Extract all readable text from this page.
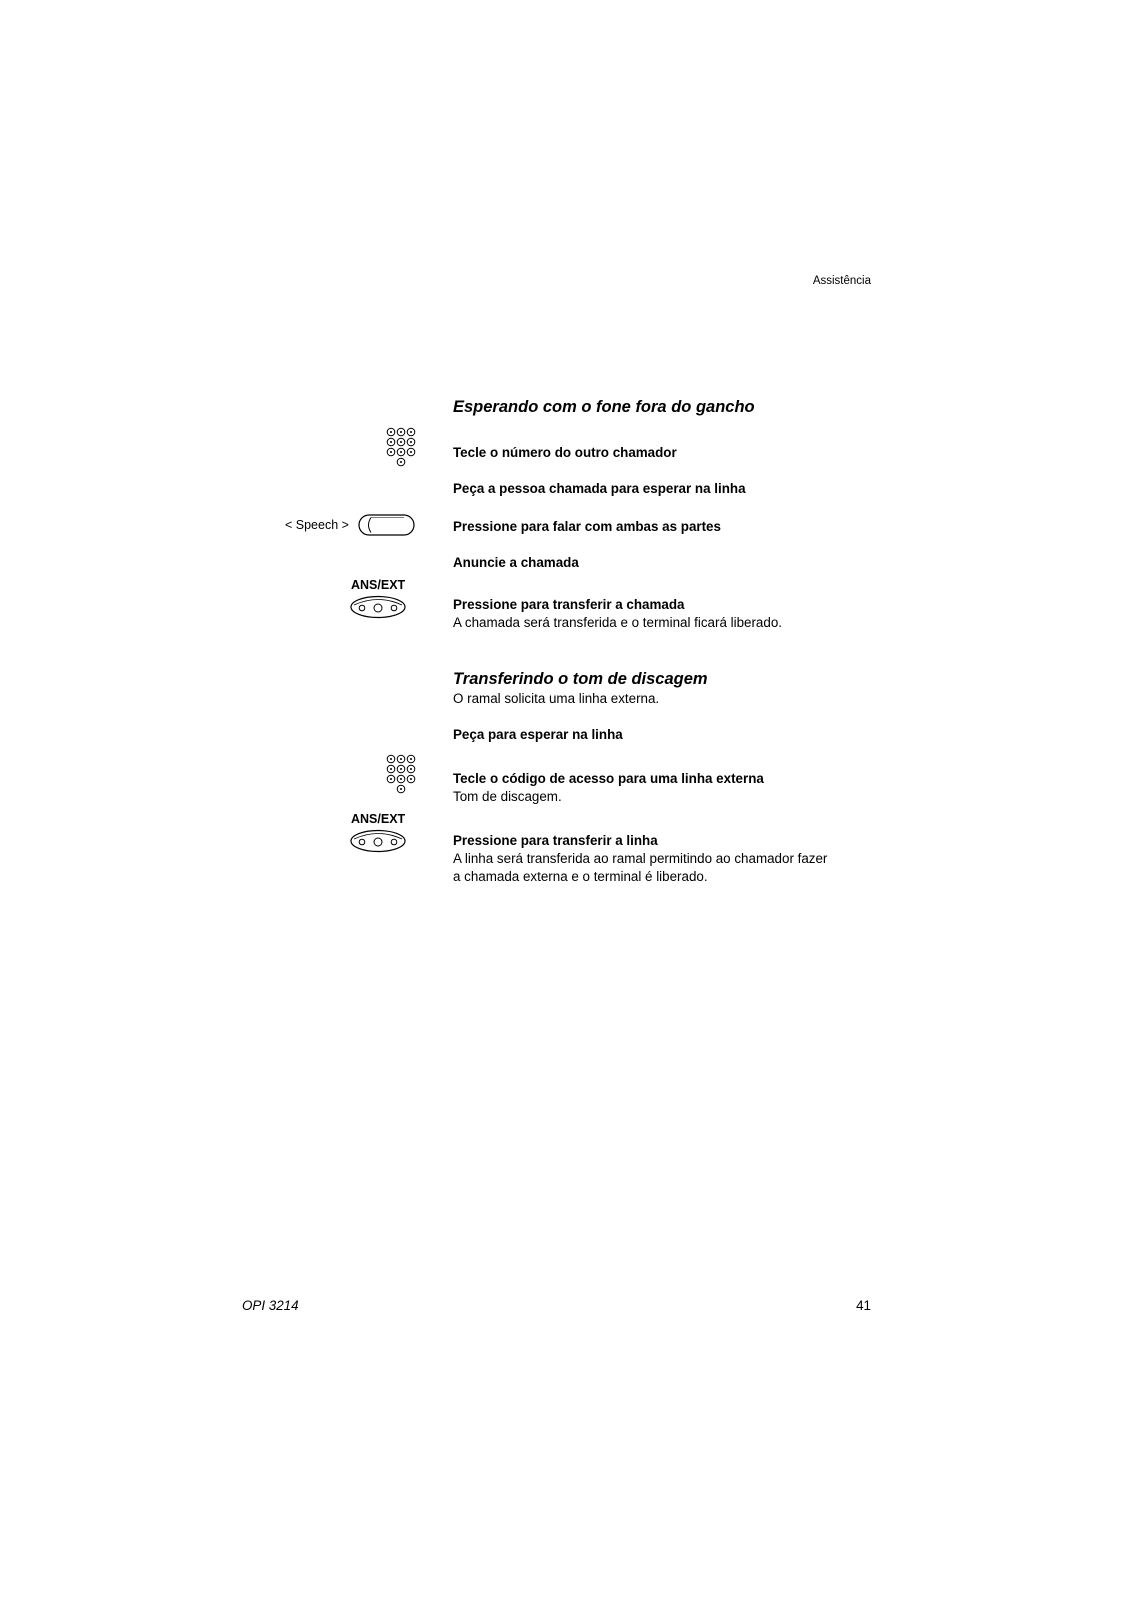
Assistência
Esperando com o fone fora do gancho
Tecle o número do outro chamador
Peça a pessoa chamada para esperar na linha
< Speech >	Pressione para falar com ambas as partes
Anuncie a chamada
ANS/EXT
Pressione para transferir a chamada
A chamada será transferida e o terminal ficará liberado.
Transferindo o tom de discagem
O ramal solicita uma linha externa.
Peça para esperar na linha
Tecle o código de acesso para uma linha externa
Tom de discagem.
ANS/EXT
Pressione para transferir a linha
A linha será transferida ao ramal permitindo ao chamador fazer
a chamada externa e o terminal é liberado.
OPI 3214	41
